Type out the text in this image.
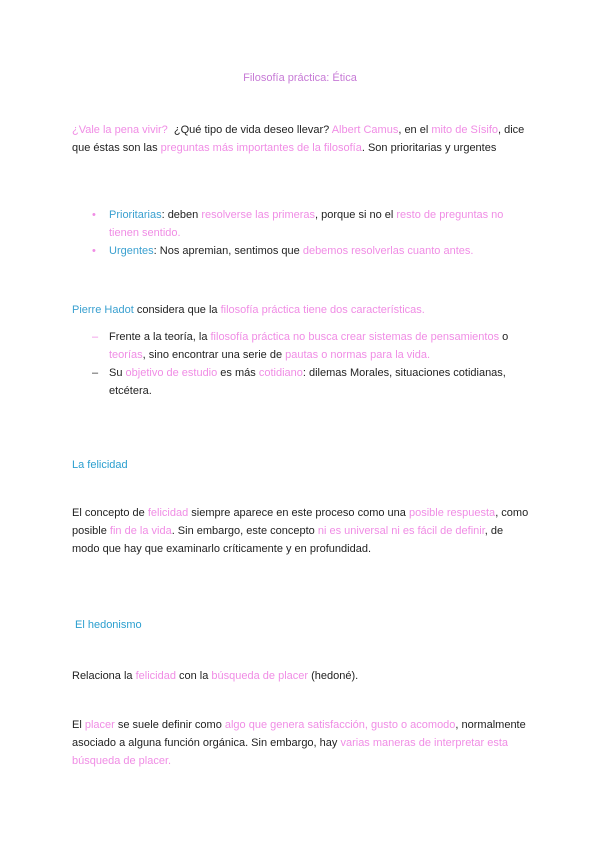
Filosofía práctica: Ética
¿Vale la pena vivir?  ¿Qué tipo de vida deseo llevar? Albert Camus, en el mito de Sísifo, dice que éstas son las preguntas más importantes de la filosofía. Son prioritarias y urgentes
• Prioritarias: deben resolverse las primeras, porque si no el resto de preguntas no tienen sentido.
• Urgentes: Nos apremian, sentimos que debemos resolverlas cuanto antes.
Pierre Hadot considera que la filosofía práctica tiene dos características.
– Frente a la teoría, la filosofía práctica no busca crear sistemas de pensamientos o teorías, sino encontrar una serie de pautas o normas para la vida.
– Su objetivo de estudio es más cotidiano: dilemas Morales, situaciones cotidianas, etcétera.
La felicidad
El concepto de felicidad siempre aparece en este proceso como una posible respuesta, como posible fin de la vida. Sin embargo, este concepto ni es universal ni es fácil de definir, de modo que hay que examinarlo críticamente y en profundidad.
El hedonismo
Relaciona la felicidad con la búsqueda de placer (hedoné).
El placer se suele definir como algo que genera satisfacción, gusto o acomodo, normalmente asociado a alguna función orgánica. Sin embargo, hay varias maneras de interpretar esta búsqueda de placer.
